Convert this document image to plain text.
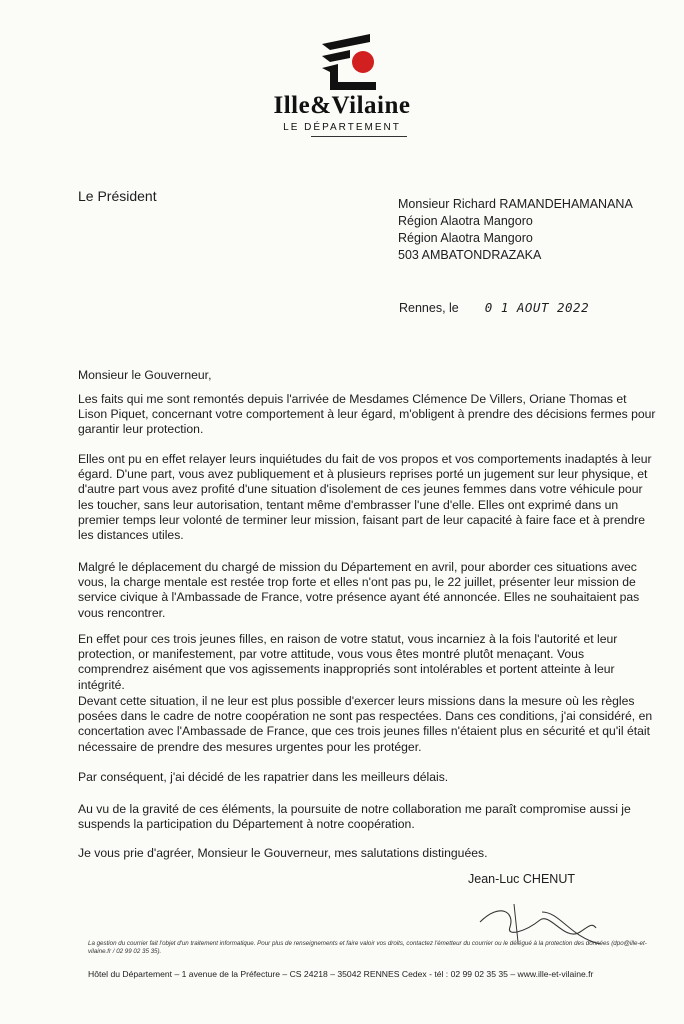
Ille&Vilaine
LE DÉPARTEMENT
Le Président	Monsieur Richard RAMANDEHAMANANA
Région Alaotra Mangoro
Région Alaotra Mangoro
503 AMBATONDRAZAKA
Rennes, le 0 1 AOUT 2022

Monsieur le Gouverneur,

Les faits qui me sont remontés depuis l'arrivée de Mesdames Clémence De Villers, Oriane Thomas et Lison Piquet, concernant votre comportement à leur égard, m'obligent à prendre des décisions fermes pour garantir leur protection.

Elles ont pu en effet relayer leurs inquiétudes du fait de vos propos et vos comportements inadaptés à leur égard. D'une part, vous avez publiquement et à plusieurs reprises porté un jugement sur leur physique, et d'autre part vous avez profité d'une situation d'isolement de ces jeunes femmes dans votre véhicule pour les toucher, sans leur autorisation, tentant même d'embrasser l'une d'elle. Elles ont exprimé dans un premier temps leur volonté de terminer leur mission, faisant part de leur capacité à faire face et à prendre les distances utiles.

Malgré le déplacement du chargé de mission du Département en avril, pour aborder ces situations avec vous, la charge mentale est restée trop forte et elles n'ont pas pu, le 22 juillet, présenter leur mission de service civique à l'Ambassade de France, votre présence ayant été annoncée. Elles ne souhaitaient pas vous rencontrer.

En effet pour ces trois jeunes filles, en raison de votre statut, vous incarniez à la fois l'autorité et leur protection, or manifestement, par votre attitude, vous vous êtes montré plutôt menaçant. Vous comprendrez aisément que vos agissements inappropriés sont intolérables et portent atteinte à leur intégrité.

Devant cette situation, il ne leur est plus possible d'exercer leurs missions dans la mesure où les règles posées dans le cadre de notre coopération ne sont pas respectées. Dans ces conditions, j'ai considéré, en concertation avec l'Ambassade de France, que ces trois jeunes filles n'étaient plus en sécurité et qu'il était nécessaire de prendre des mesures urgentes pour les protéger.

Par conséquent, j'ai décidé de les rapatrier dans les meilleurs délais.

Au vu de la gravité de ces éléments, la poursuite de notre collaboration me paraît compromise aussi je suspends la participation du Département à notre coopération.

Je vous prie d'agréer, Monsieur le Gouverneur, mes salutations distinguées.

Jean-Luc CHENUT
La gestion du courrier fait l'objet d'un traitement informatique. Pour plus de renseignements et faire valoir vos droits, contactez l'émetteur du courrier ou le délégué à la protection des données (dpo@ille-et-vilaine.fr / 02 99 02 35 35).
Hôtel du Département – 1 avenue de la Préfecture – CS 24218 – 35042 RENNES Cedex - tél : 02 99 02 35 35 – www.ille-et-vilaine.fr
